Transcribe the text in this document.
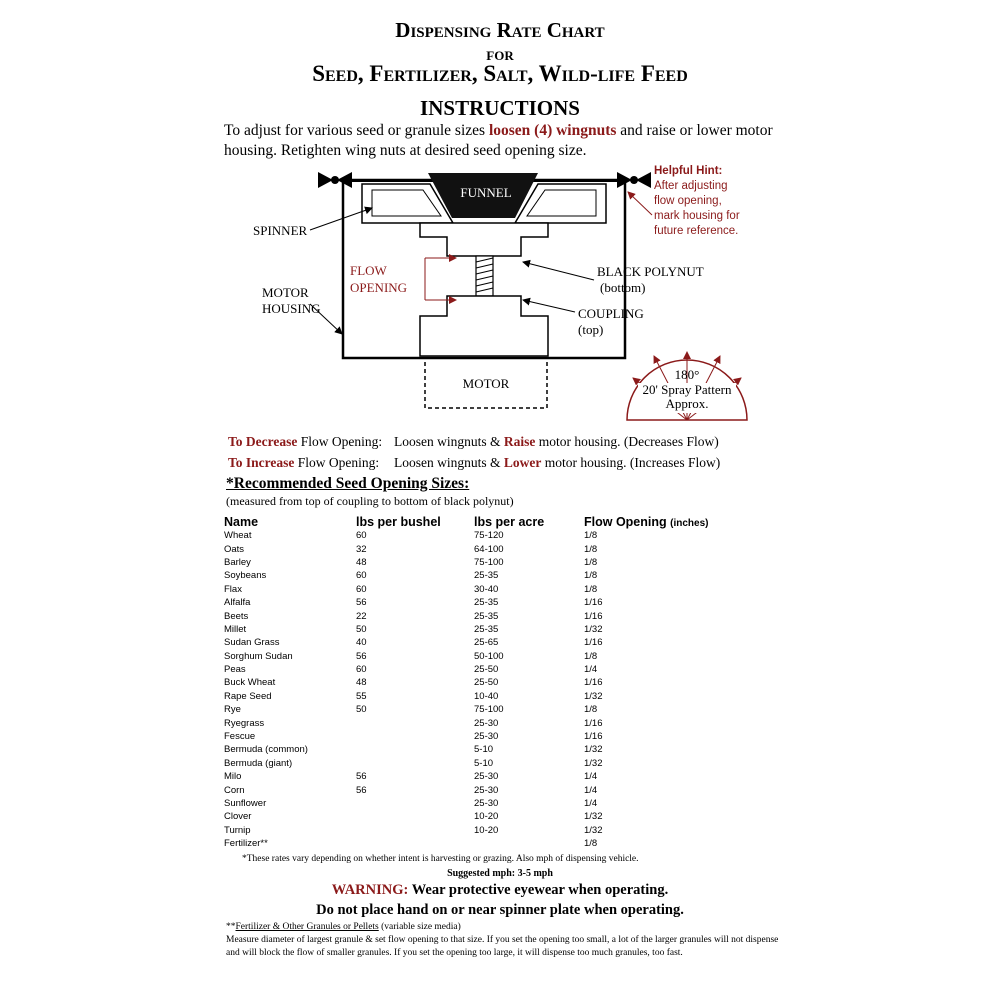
Dispensing Rate Chart
for
Seed, Fertilizer, Salt, Wild-life Feed
INSTRUCTIONS
To adjust for various seed or granule sizes loosen (4) wingnuts and raise or lower motor housing. Retighten wing nuts at desired seed opening size.
FUNNEL
MOTOR
SPINNER
MOTOR
HOUSING
FLOW
OPENING
BLACK POLYNUT
(bottom)
COUPLING
(top)
Helpful Hint:
After adjusting
flow opening,
mark housing for
future reference.
180°
20' Spray Pattern
Approx.
To Decrease Flow Opening: Loosen wingnuts & Raise motor housing. (Decreases Flow)
To Increase Flow Opening: Loosen wingnuts & Lower motor housing. (Increases Flow)
*Recommended Seed Opening Sizes:
(measured from top of coupling to bottom of black polynut)
Name	lbs per bushel	lbs per acre	Flow Opening (inches)
Wheat	60	75-120	1/8
Oats	32	64-100	1/8
Barley	48	75-100	1/8
Soybeans	60	25-35	1/8
Flax	60	30-40	1/8
Alfalfa	56	25-35	1/16
Beets	22	25-35	1/16
Millet	50	25-35	1/32
Sudan Grass	40	25-65	1/16
Sorghum Sudan	56	50-100	1/8
Peas	60	25-50	1/4
Buck Wheat	48	25-50	1/16
Rape Seed	55	10-40	1/32
Rye	50	75-100	1/8
Ryegrass		25-30	1/16
Fescue		25-30	1/16
Bermuda (common)		5-10	1/32
Bermuda (giant)		5-10	1/32
Milo	56	25-30	1/4
Corn	56	25-30	1/4
Sunflower		25-30	1/4
Clover		10-20	1/32
Turnip		10-20	1/32
Fertilizer**			1/8
*These rates vary depending on whether intent is harvesting or grazing. Also mph of dispensing vehicle.
Suggested mph: 3-5 mph
WARNING: Wear protective eyewear when operating.
Do not place hand on or near spinner plate when operating.
**Fertilizer & Other Granules or Pellets (variable size media)
Measure diameter of largest granule & set flow opening to that size. If you set the opening too small, a lot of the larger granules will not dispense and will block the flow of smaller granules. If you set the opening too large, it will dispense too much granules, too fast.
